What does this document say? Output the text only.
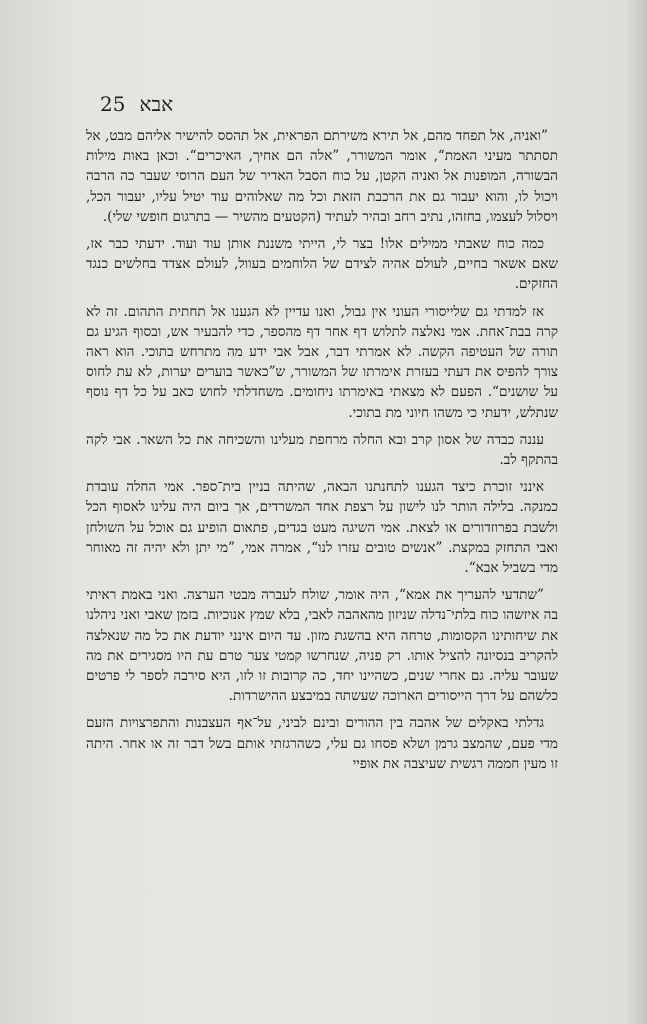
אבא
25

”ואניה, אל תפחד מהם, אל תירא משירתם הפראית, אל תהסס להישיר אליהם מבט, אל תסתתר מעיני האמת“, אומר המשורר, ”אלה הם אחיך, האיכרים“. וכאן באות מילות הבשורה, המופנות אל ואניה הקטן, על כוח הסבל האדיר של העם הרוסי שעבר כה הרבה ויכול לו, והוא יעבור גם את הרכבת הזאת וכל מה שאלוהים עוד יטיל עליו, יעבור הכל, ויסלול לעצמו, בחזהו, נתיב רחב ובהיר לעתיד (הקטעים מהשיר — בתרגום חופשי שלי).

כמה כוח שאבתי ממילים אלו! בצר לי, הייתי משננת אותן עוד ועוד. ידעתי כבר אז, שאם אשאר בחיים, לעולם אהיה לצידם של הלוחמים בעוול, לעולם אצדד בחלשים כנגד החזקים.

אז למדתי גם שלייסורי העוני אין גבול, ואנו עדיין לא הגענו אל תחתית התהום. זה לא קרה בבת־אחת. אמי נאלצה לתלוש דף אחר דף מהספר, כדי להבעיר אש, ובסוף הגיע גם תורה של העטיפה הקשה. לא אמרתי דבר, אבל אבי ידע מה מתרחש בתוכי. הוא ראה צורך להפיס את דעתי בעזרת אימרתו של המשורר, ש”כאשר בוערים יערות, לא עת לחוס על שושנים“. הפעם לא מצאתי באימרתו ניחומים. משחדלתי לחוש כאב על כל דף נוסף שנתלש, ידעתי כי משהו חיוני מת בתוכי.

עננה כבדה של אסון קרב ובא החלה מרחפת מעלינו והשכיחה את כל השאר. אבי לקה בהתקף לב.

אינני זוכרת כיצד הגענו לתחנתנו הבאה, שהיתה בניין בית־ספר. אמי החלה עובדת כמנקה. בלילה הותר לנו לישון על רצפת אחד המשרדים, אך ביום היה עלינו לאסוף הכל ולשבת בפרוזדורים או לצאת. אמי השיגה מעט בגדים, פתאום הופיע גם אוכל על השולחן ואבי התחזק במקצת. ”אנשים טובים עזרו לנו“, אמרה אמי, ”מי יתן ולא יהיה זה מאוחר מדי בשביל אבא“.

”שתדעי להעריך את אמא“, היה אומר, שולח לעברה מבטי הערצה. ואני באמת ראיתי בה איזשהו כוח בלתי־נדלה שניזון מהאהבה לאבי, בלא שמץ אנוכיות. בזמן שאבי ואני ניהלנו את שיחותינו הקסומות, טרחה היא בהשגת מזון. עד היום אינני יודעת את כל מה שנאלצה להקריב בנסיונה להציל אותו. רק פניה, שנחרשו קמטי צער טרם עת היו מסגירים את מה שעובר עליה. גם אחרי שנים, כשהיינו יחד, כה קרובות זו לזו, היא סירבה לספר לי פרטים כלשהם על דרך הייסורים הארוכה שעשתה במיבצע ההישרדות.

גדלתי באקלים של אהבה בין ההורים ובינם לביני, על־אף העצבנות והתפרצויות הזעם מדי פעם, שהמצב גרמן ושלא פסחו גם עלי, כשהרגזתי אותם בשל דבר זה או אחר. היתה זו מעין חממה רגשית שעיצבה את אופיי
